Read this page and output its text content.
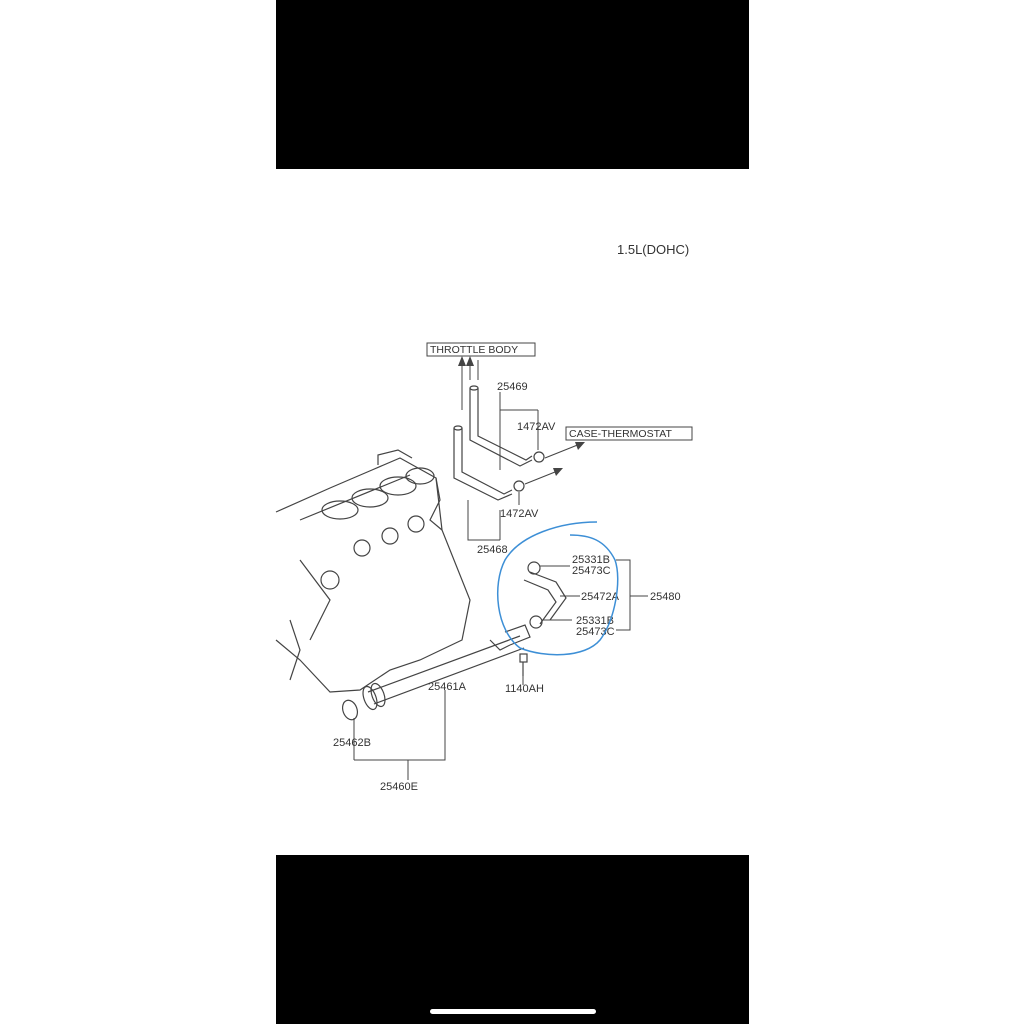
1.5L(DOHC)
THROTTLE BODY
CASE-THERMOSTAT
25469
1472AV
1472AV
25468
25331B
25473C
25472A	25480
25331B
25473C
25461A	1140AH
25462B
25460E
